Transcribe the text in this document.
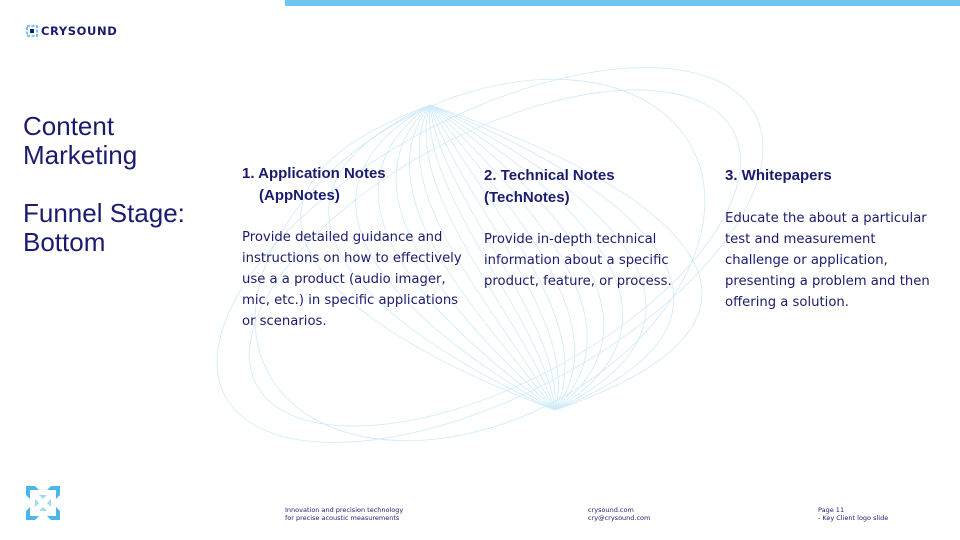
CRYSOUND
Content
Marketing
Funnel Stage:
Bottom
1. Application Notes
(AppNotes)
Provide detailed guidance and instructions on how to effectively use a a product (audio imager, mic, etc.) in specific applications or scenarios.
2. Technical Notes
(TechNotes)
Provide in-depth technical information about a specific product, feature, or process.
3. Whitepapers
Educate the about a particular test and measurement challenge or application, presenting a problem and then offering a solution.
Innovation and precision technology
for precise acoustic measurements
crysound.com
cry@crysound.com
Page 11
- Key Client logo slide
